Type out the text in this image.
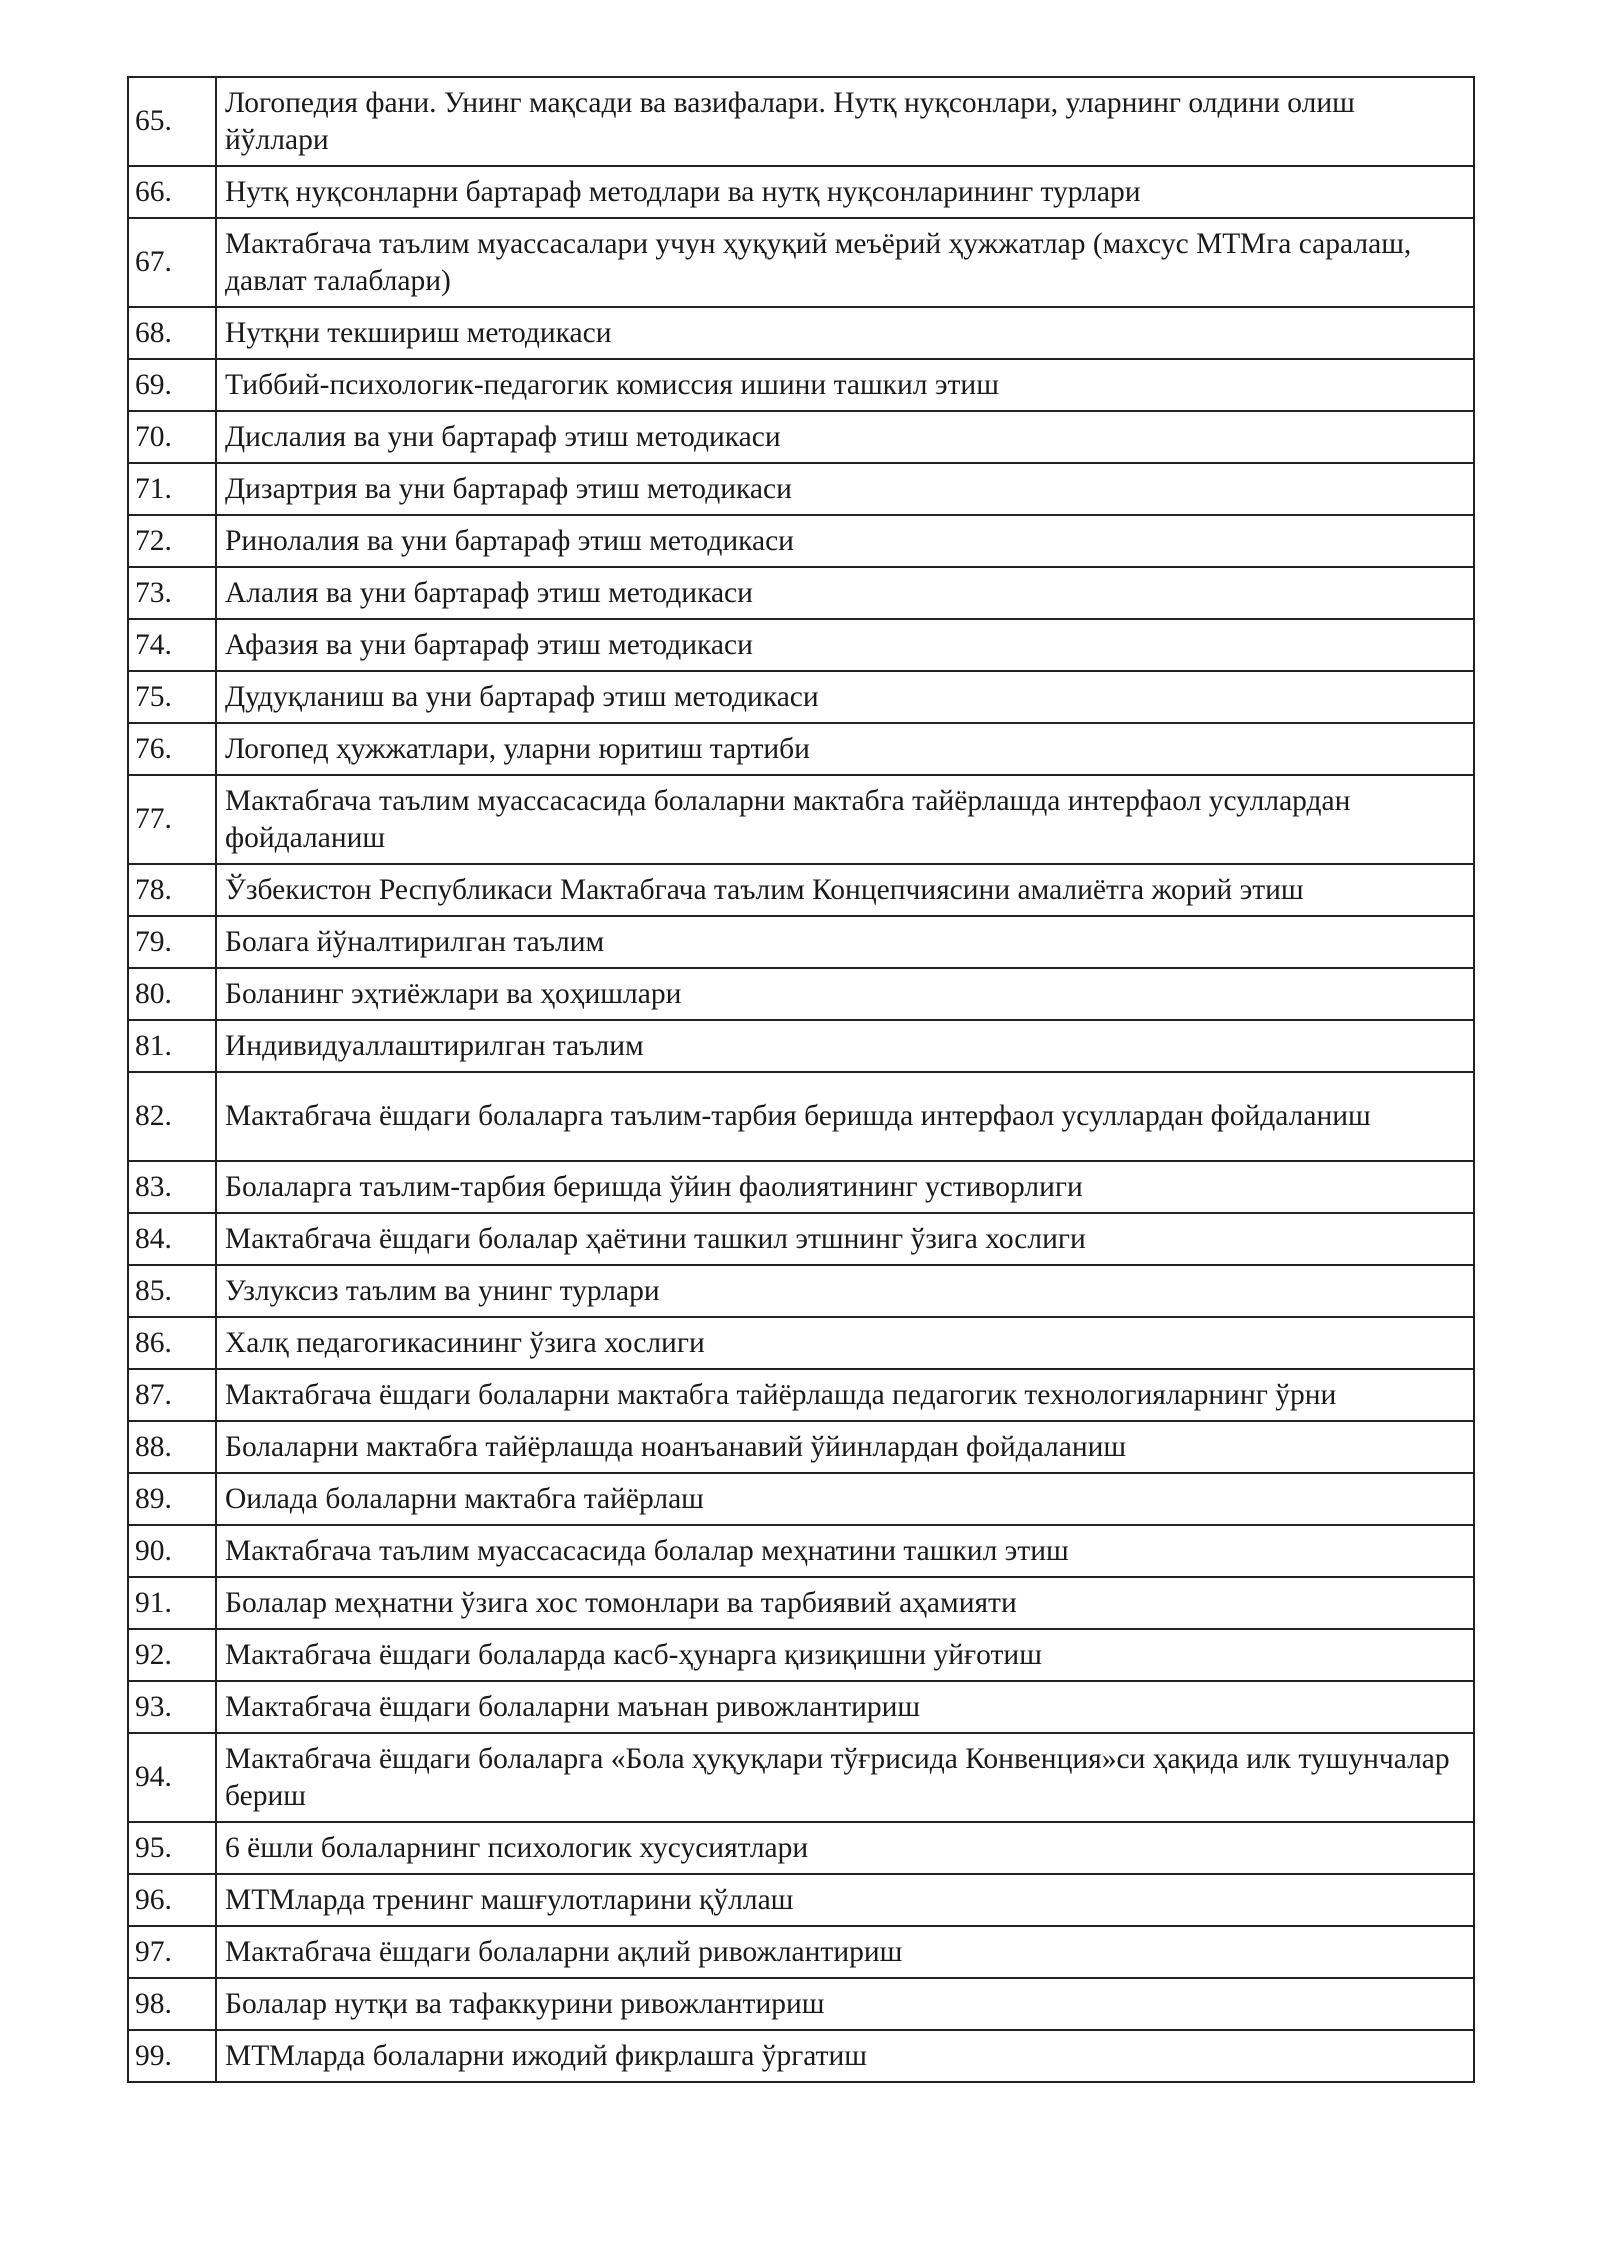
65.	Логопедия фани. Унинг мақсади ва вазифалари. Нутқ нуқсонлари, уларнинг олдини олиш йўллари
66.	Нутқ нуқсонларни бартараф методлари ва нутқ нуқсонларининг турлари
67.	Мактабгача таълим муассасалари учун ҳуқуқий меъёрий ҳужжатлар (махсус МТМга саралаш, давлат талаблари)
68.	Нутқни текшириш методикаси
69.	Тиббий-психологик-педагогик комиссия ишини ташкил этиш
70.	Дислалия ва уни бартараф этиш методикаси
71.	Дизартрия ва уни бартараф этиш методикаси
72.	Ринолалия ва уни бартараф этиш методикаси
73.	Алалия ва уни бартараф этиш методикаси
74.	Афазия ва уни бартараф этиш методикаси
75.	Дудуқланиш ва уни бартараф этиш методикаси
76.	Логопед ҳужжатлари, уларни юритиш тартиби
77.	Мактабгача таълим муассасасида болаларни мактабга тайёрлашда интерфаол усуллардан фойдаланиш
78.	Ўзбекистон Республикаси Мактабгача таълим Концепчиясини амалиётга жорий этиш
79.	Болага йўналтирилган таълим
80.	Боланинг эҳтиёжлари ва ҳоҳишлари
81.	Индивидуаллаштирилган таълим
82.	Мактабгача ёшдаги болаларга таълим-тарбия беришда интерфаол усуллардан фойдаланиш
83.	Болаларга таълим-тарбия беришда ўйин фаолиятининг устиворлиги
84.	Мактабгача ёшдаги болалар ҳаётини ташкил этшнинг ўзига хослиги
85.	Узлуксиз таълим ва унинг турлари
86.	Халқ педагогикасининг ўзига хослиги
87.	Мактабгача ёшдаги болаларни мактабга тайёрлашда педагогик технологияларнинг ўрни
88.	Болаларни мактабга тайёрлашда ноанъанавий ўйинлардан фойдаланиш
89.	Оилада болаларни мактабга тайёрлаш
90.	Мактабгача таълим муассасасида болалар меҳнатини ташкил этиш
91.	Болалар меҳнатни ўзига хос томонлари ва тарбиявий аҳамияти
92.	Мактабгача ёшдаги болаларда касб-ҳунарга қизиқишни уйғотиш
93.	Мактабгача ёшдаги болаларни маънан ривожлантириш
94.	Мактабгача ёшдаги болаларга «Бола ҳуқуқлари тўғрисида Конвенция»си ҳақида илк тушунчалар бериш
95.	6 ёшли болаларнинг психологик хусусиятлари
96.	МТМларда тренинг машғулотларини қўллаш
97.	Мактабгача ёшдаги болаларни ақлий ривожлантириш
98.	Болалар нутқи ва тафаккурини ривожлантириш
99.	МТМларда болаларни ижодий фикрлашга ўргатиш
